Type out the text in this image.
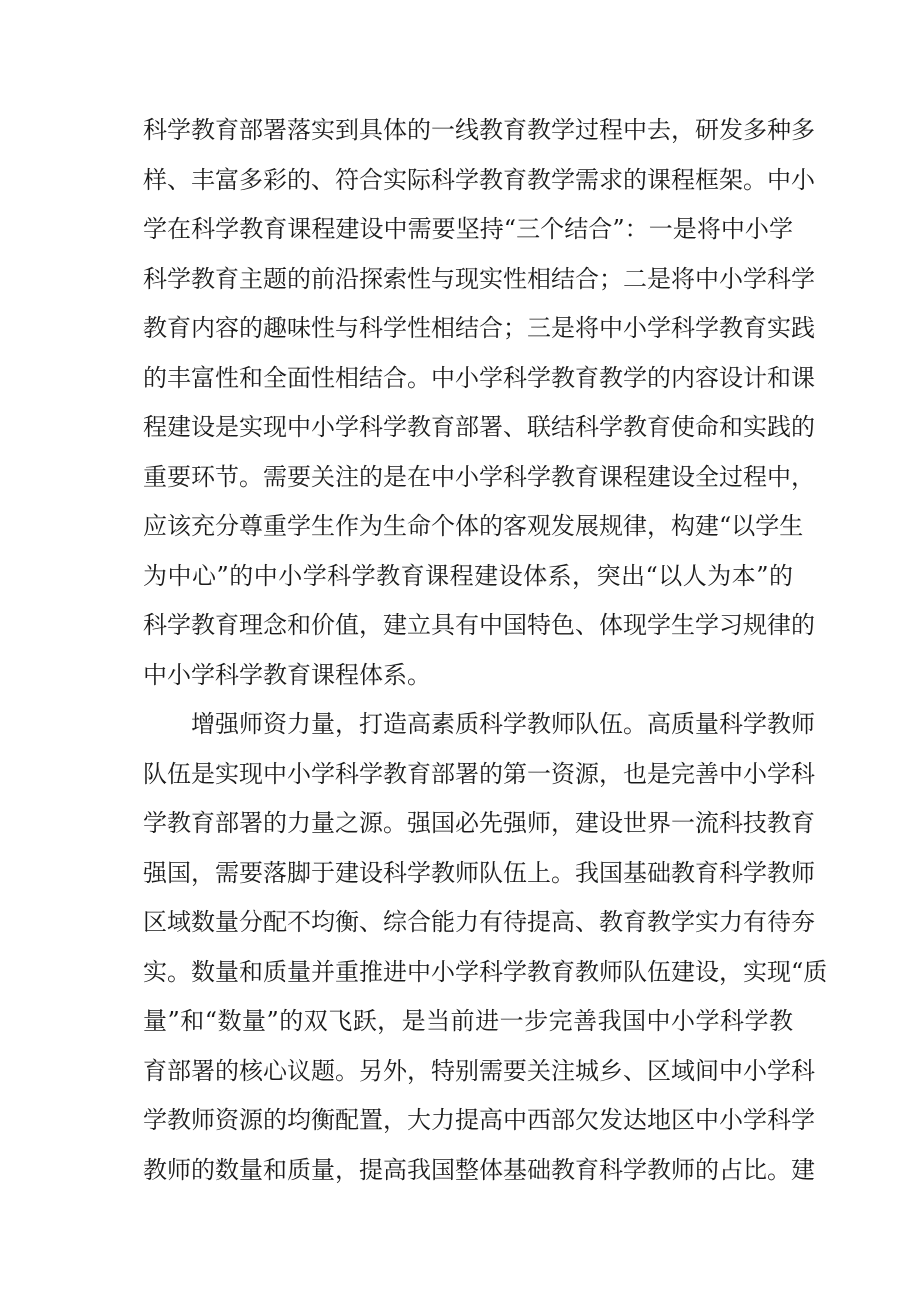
科学教育部署落实到具体的一线教育教学过程中去，研发多种多
样、丰富多彩的、符合实际科学教育教学需求的课程框架。中小
学在科学教育课程建设中需要坚持“三个结合”：一是将中小学
科学教育主题的前沿探索性与现实性相结合；二是将中小学科学
教育内容的趣味性与科学性相结合；三是将中小学科学教育实践
的丰富性和全面性相结合。中小学科学教育教学的内容设计和课
程建设是实现中小学科学教育部署、联结科学教育使命和实践的
重要环节。需要关注的是在中小学科学教育课程建设全过程中，
应该充分尊重学生作为生命个体的客观发展规律，构建“以学生
为中心”的中小学科学教育课程建设体系，突出“以人为本”的
科学教育理念和价值，建立具有中国特色、体现学生学习规律的
中小学科学教育课程体系。
增强师资力量，打造高素质科学教师队伍。高质量科学教师
队伍是实现中小学科学教育部署的第一资源，也是完善中小学科
学教育部署的力量之源。强国必先强师，建设世界一流科技教育
强国，需要落脚于建设科学教师队伍上。我国基础教育科学教师
区域数量分配不均衡、综合能力有待提高、教育教学实力有待夯
实。数量和质量并重推进中小学科学教育教师队伍建设，实现“质
量”和“数量”的双飞跃，是当前进一步完善我国中小学科学教
育部署的核心议题。另外，特别需要关注城乡、区域间中小学科
学教师资源的均衡配置，大力提高中西部欠发达地区中小学科学
教师的数量和质量，提高我国整体基础教育科学教师的占比。建
